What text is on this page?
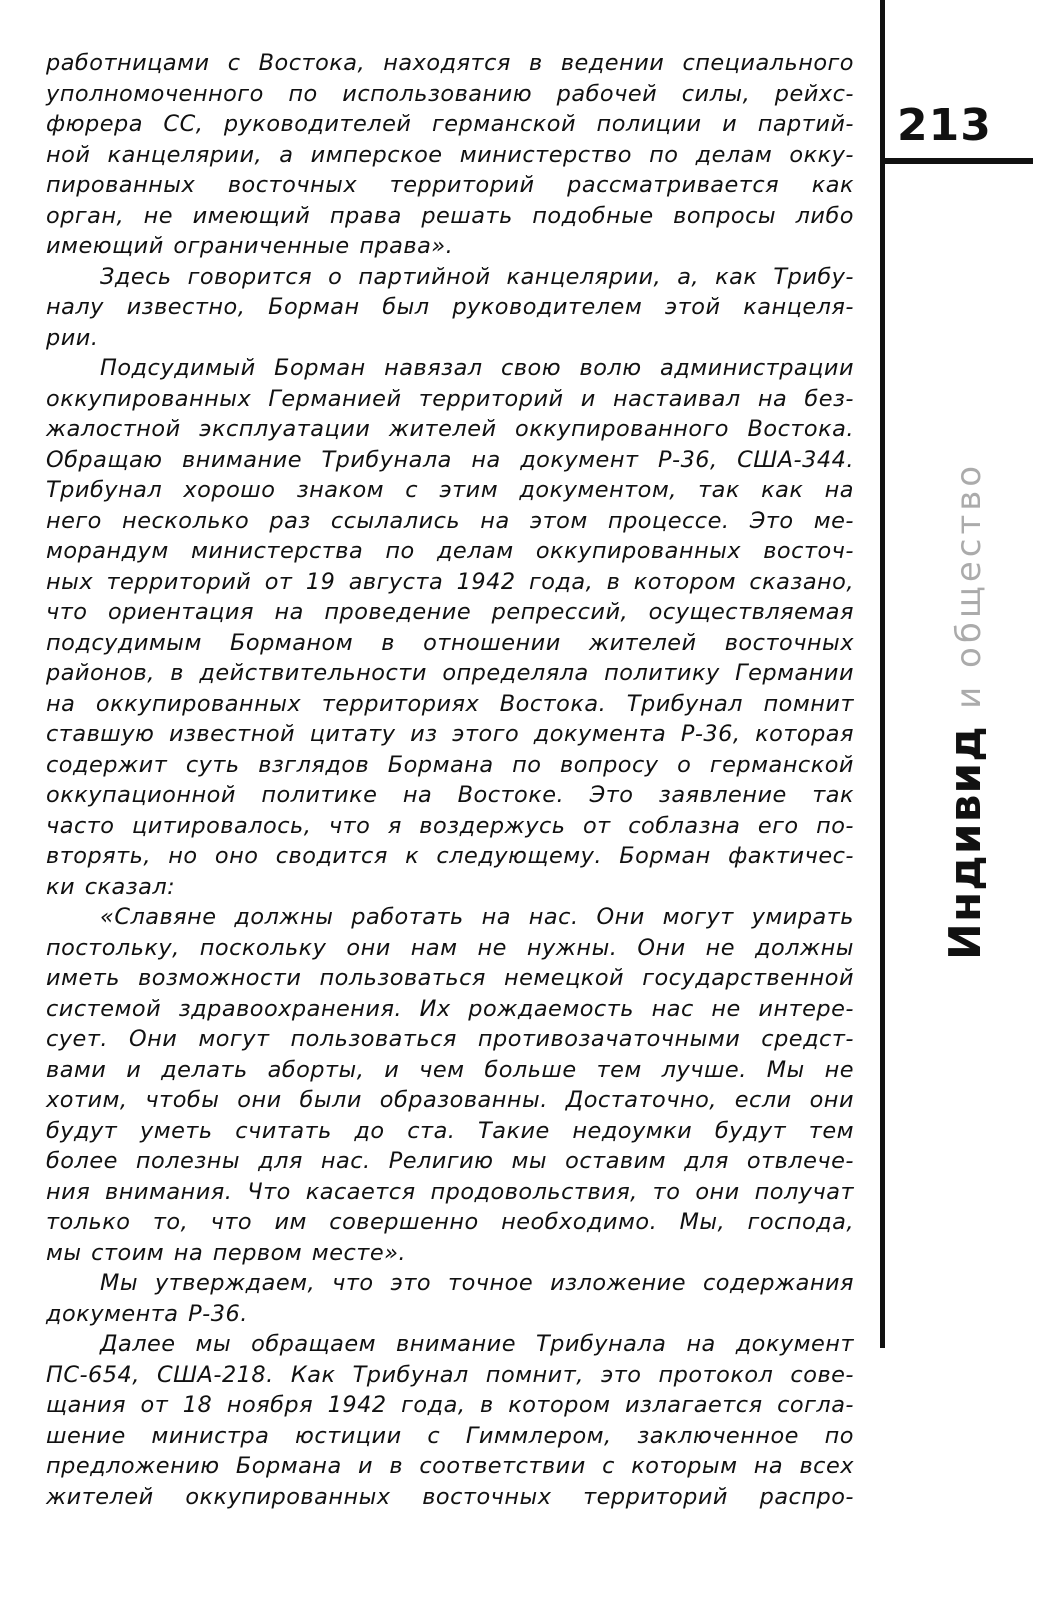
работницами с Востока, находятся в ведении специального
уполномоченного по использованию рабочей силы, рейхс-
фюрера СС, руководителей германской полиции и партий-
ной канцелярии, а имперское министерство по делам окку-
пированных восточных территорий рассматривается как
орган, не имеющий права решать подобные вопросы либо
имеющий ограниченные права».
Здесь говорится о партийной канцелярии, а, как Трибу-
налу известно, Борман был руководителем этой канцеля-
рии.
Подсудимый Борман навязал свою волю администрации
оккупированных Германией территорий и настаивал на без-
жалостной эксплуатации жителей оккупированного Востока.
Обращаю внимание Трибунала на документ Р-36, США-344.
Трибунал хорошо знаком с этим документом, так как на
него несколько раз ссылались на этом процессе. Это ме-
морандум министерства по делам оккупированных восточ-
ных территорий от 19 августа 1942 года, в котором сказано,
что ориентация на проведение репрессий, осуществляемая
подсудимым Борманом в отношении жителей восточных
районов, в действительности определяла политику Германии
на оккупированных территориях Востока. Трибунал помнит
ставшую известной цитату из этого документа Р-36, которая
содержит суть взглядов Бормана по вопросу о германской
оккупационной политике на Востоке. Это заявление так
часто цитировалось, что я воздержусь от соблазна его по-
вторять, но оно сводится к следующему. Борман фактичес-
ки сказал:
«Славяне должны работать на нас. Они могут умирать
постольку, поскольку они нам не нужны. Они не должны
иметь возможности пользоваться немецкой государственной
системой здравоохранения. Их рождаемость нас не интере-
сует. Они могут пользоваться противозачаточными средст-
вами и делать аборты, и чем больше тем лучше. Мы не
хотим, чтобы они были образованны. Достаточно, если они
будут уметь считать до ста. Такие недоумки будут тем
более полезны для нас. Религию мы оставим для отвлече-
ния внимания. Что касается продовольствия, то они получат
только то, что им совершенно необходимо. Мы, господа,
мы стоим на первом месте».
Мы утверждаем, что это точное изложение содержания
документа Р-36.
Далее мы обращаем внимание Трибунала на документ
ПС-654, США-218. Как Трибунал помнит, это протокол сове-
щания от 18 ноября 1942 года, в котором излагается согла-
шение министра юстиции с Гиммлером, заключенное по
предложению Бормана и в соответствии с которым на всех
жителей оккупированных восточных территорий распро-
213
Индивид и общество
